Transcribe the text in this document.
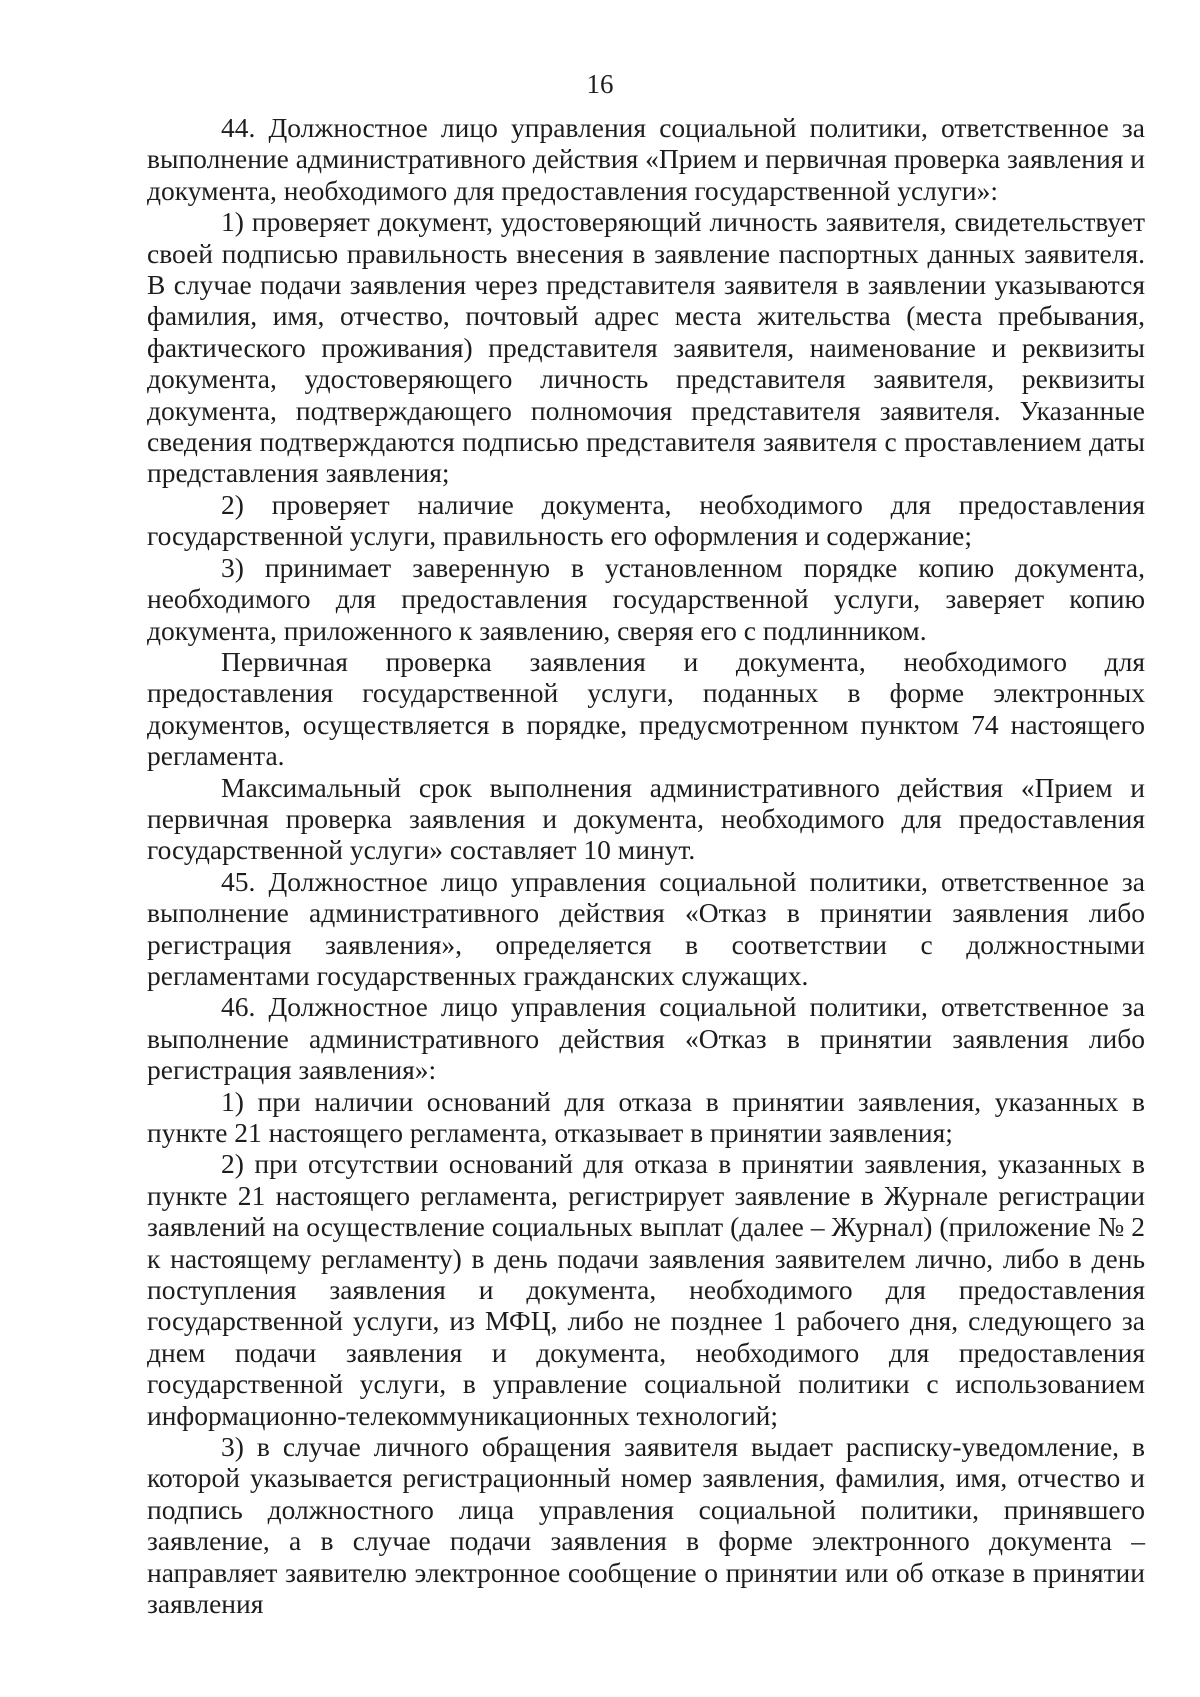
16

44. Должностное лицо управления социальной политики, ответственное за выполнение административного действия «Прием и первичная проверка заявления и документа, необходимого для предоставления государственной услуги»:

1) проверяет документ, удостоверяющий личность заявителя, свидетельствует своей подписью правильность внесения в заявление паспортных данных заявителя. В случае подачи заявления через представителя заявителя в заявлении указываются фамилия, имя, отчество, почтовый адрес места жительства (места пребывания, фактического проживания) представителя заявителя, наименование и реквизиты документа, удостоверяющего личность представителя заявителя, реквизиты документа, подтверждающего полномочия представителя заявителя. Указанные сведения подтверждаются подписью представителя заявителя с проставлением даты представления заявления;

2) проверяет наличие документа, необходимого для предоставления государственной услуги, правильность его оформления и содержание;

3) принимает заверенную в установленном порядке копию документа, необходимого для предоставления государственной услуги, заверяет копию документа, приложенного к заявлению, сверяя его с подлинником.

Первичная проверка заявления и документа, необходимого для предоставления государственной услуги, поданных в форме электронных документов, осуществляется в порядке, предусмотренном пунктом 74 настоящего регламента.

Максимальный срок выполнения административного действия «Прием и первичная проверка заявления и документа, необходимого для предоставления государственной услуги» составляет 10 минут.

45. Должностное лицо управления социальной политики, ответственное за выполнение административного действия «Отказ в принятии заявления либо регистрация заявления», определяется в соответствии с должностными регламентами государственных гражданских служащих.

46. Должностное лицо управления социальной политики, ответственное за выполнение административного действия «Отказ в принятии заявления либо регистрация заявления»:

1) при наличии оснований для отказа в принятии заявления, указанных в пункте 21 настоящего регламента, отказывает в принятии заявления;

2) при отсутствии оснований для отказа в принятии заявления, указанных в пункте 21 настоящего регламента, регистрирует заявление в Журнале регистрации заявлений на осуществление социальных выплат (далее – Журнал) (приложение № 2 к настоящему регламенту) в день подачи заявления заявителем лично, либо в день поступления заявления и документа, необходимого для предоставления государственной услуги, из МФЦ, либо не позднее 1 рабочего дня, следующего за днем подачи заявления и документа, необходимого для предоставления государственной услуги, в управление социальной политики с использованием информационно-телекоммуникационных технологий;

3) в случае личного обращения заявителя выдает расписку-уведомление, в которой указывается регистрационный номер заявления, фамилия, имя, отчество и подпись должностного лица управления социальной политики, принявшего заявление, а в случае подачи заявления в форме электронного документа – направляет заявителю электронное сообщение о принятии или об отказе в принятии заявления
